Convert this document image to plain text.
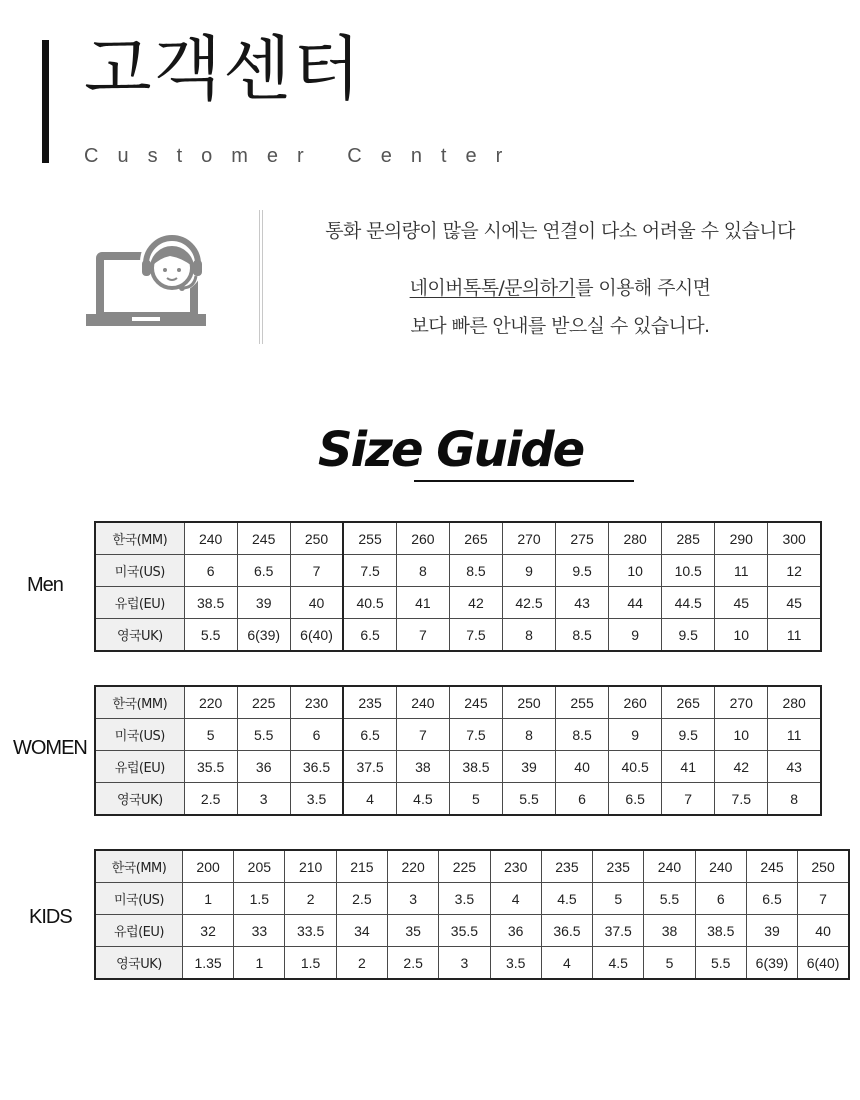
고객센터
Customer Center
통화 문의량이 많을 시에는 연결이 다소 어려울 수 있습니다
네이버톡톡/문의하기를 이용해 주시면
보다 빠른 안내를 받으실 수 있습니다.
Size Guide
Men
한국(MM)	240	245	250	255	260	265	270	275	280	285	290	300
미국(US)	6	6.5	7	7.5	8	8.5	9	9.5	10	10.5	11	12
유럽(EU)	38.5	39	40	40.5	41	42	42.5	43	44	44.5	45	45
영국UK)	5.5	6(39)	6(40)	6.5	7	7.5	8	8.5	9	9.5	10	11
WOMEN
한국(MM)	220	225	230	235	240	245	250	255	260	265	270	280
미국(US)	5	5.5	6	6.5	7	7.5	8	8.5	9	9.5	10	11
유럽(EU)	35.5	36	36.5	37.5	38	38.5	39	40	40.5	41	42	43
영국UK)	2.5	3	3.5	4	4.5	5	5.5	6	6.5	7	7.5	8
KIDS
한국(MM)	200	205	210	215	220	225	230	235	235	240	240	245	250
미국(US)	1	1.5	2	2.5	3	3.5	4	4.5	5	5.5	6	6.5	7
유럽(EU)	32	33	33.5	34	35	35.5	36	36.5	37.5	38	38.5	39	40
영국UK)	1.35	1	1.5	2	2.5	3	3.5	4	4.5	5	5.5	6(39)	6(40)
